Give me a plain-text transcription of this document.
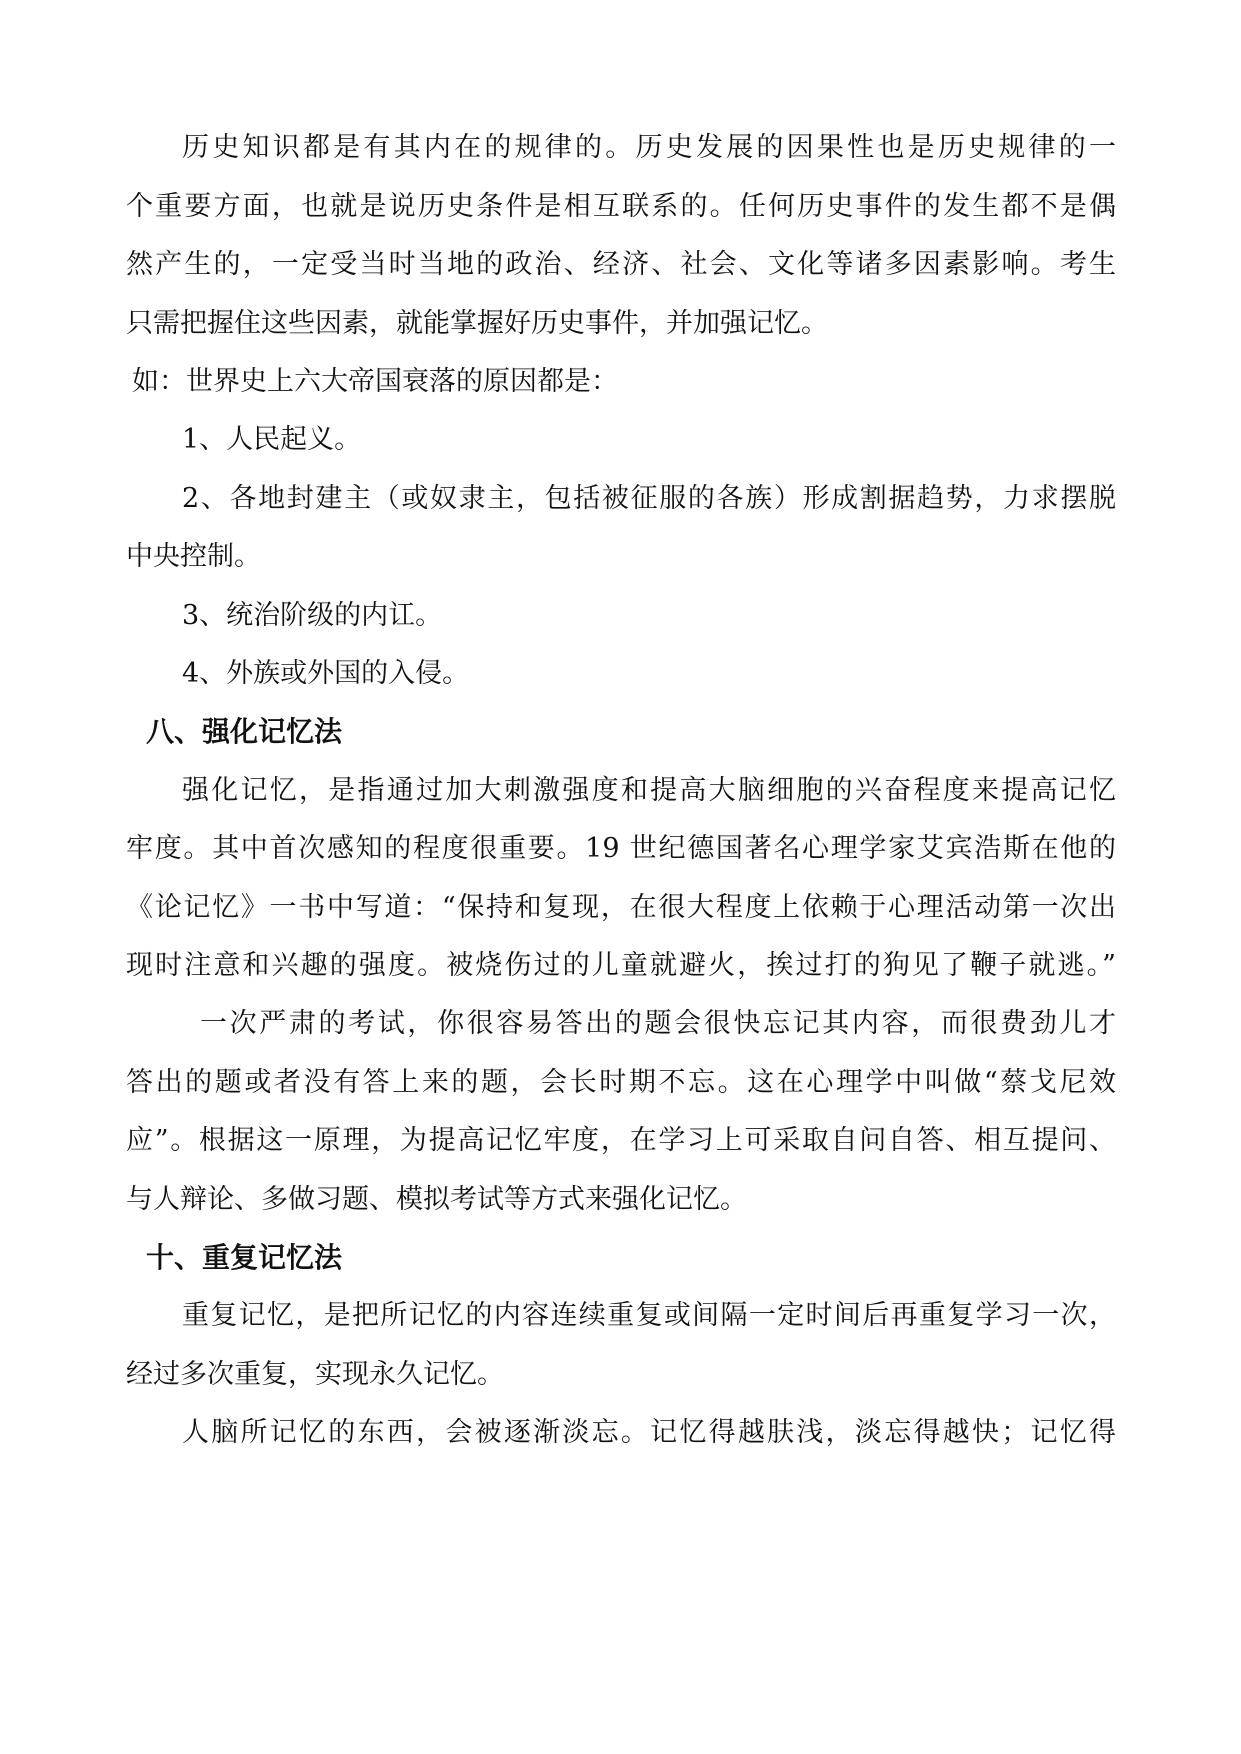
历史知识都是有其内在的规律的。历史发展的因果性也是历史规律的一
个重要方面，也就是说历史条件是相互联系的。任何历史事件的发生都不是偶
然产生的，一定受当时当地的政治、经济、社会、文化等诸多因素影响。考生
只需把握住这些因素，就能掌握好历史事件，并加强记忆。
如：世界史上六大帝国衰落的原因都是：
1、人民起义。
2、各地封建主（或奴隶主，包括被征服的各族）形成割据趋势，力求摆脱
中央控制。
3、统治阶级的内讧。
4、外族或外国的入侵。
八、强化记忆法
强化记忆，是指通过加大刺激强度和提高大脑细胞的兴奋程度来提高记忆
牢度。其中首次感知的程度很重要。19 世纪德国著名心理学家艾宾浩斯在他的
《论记忆》一书中写道：“保持和复现，在很大程度上依赖于心理活动第一次出
现时注意和兴趣的强度。被烧伤过的儿童就避火，挨过打的狗见了鞭子就逃。”
一次严肃的考试，你很容易答出的题会很快忘记其内容，而很费劲儿才
答出的题或者没有答上来的题，会长时期不忘。这在心理学中叫做“蔡戈尼效
应”。根据这一原理，为提高记忆牢度，在学习上可采取自问自答、相互提问、
与人辩论、多做习题、模拟考试等方式来强化记忆。
十、重复记忆法
重复记忆，是把所记忆的内容连续重复或间隔一定时间后再重复学习一次，
经过多次重复，实现永久记忆。
人脑所记忆的东西，会被逐渐淡忘。记忆得越肤浅，淡忘得越快；记忆得
